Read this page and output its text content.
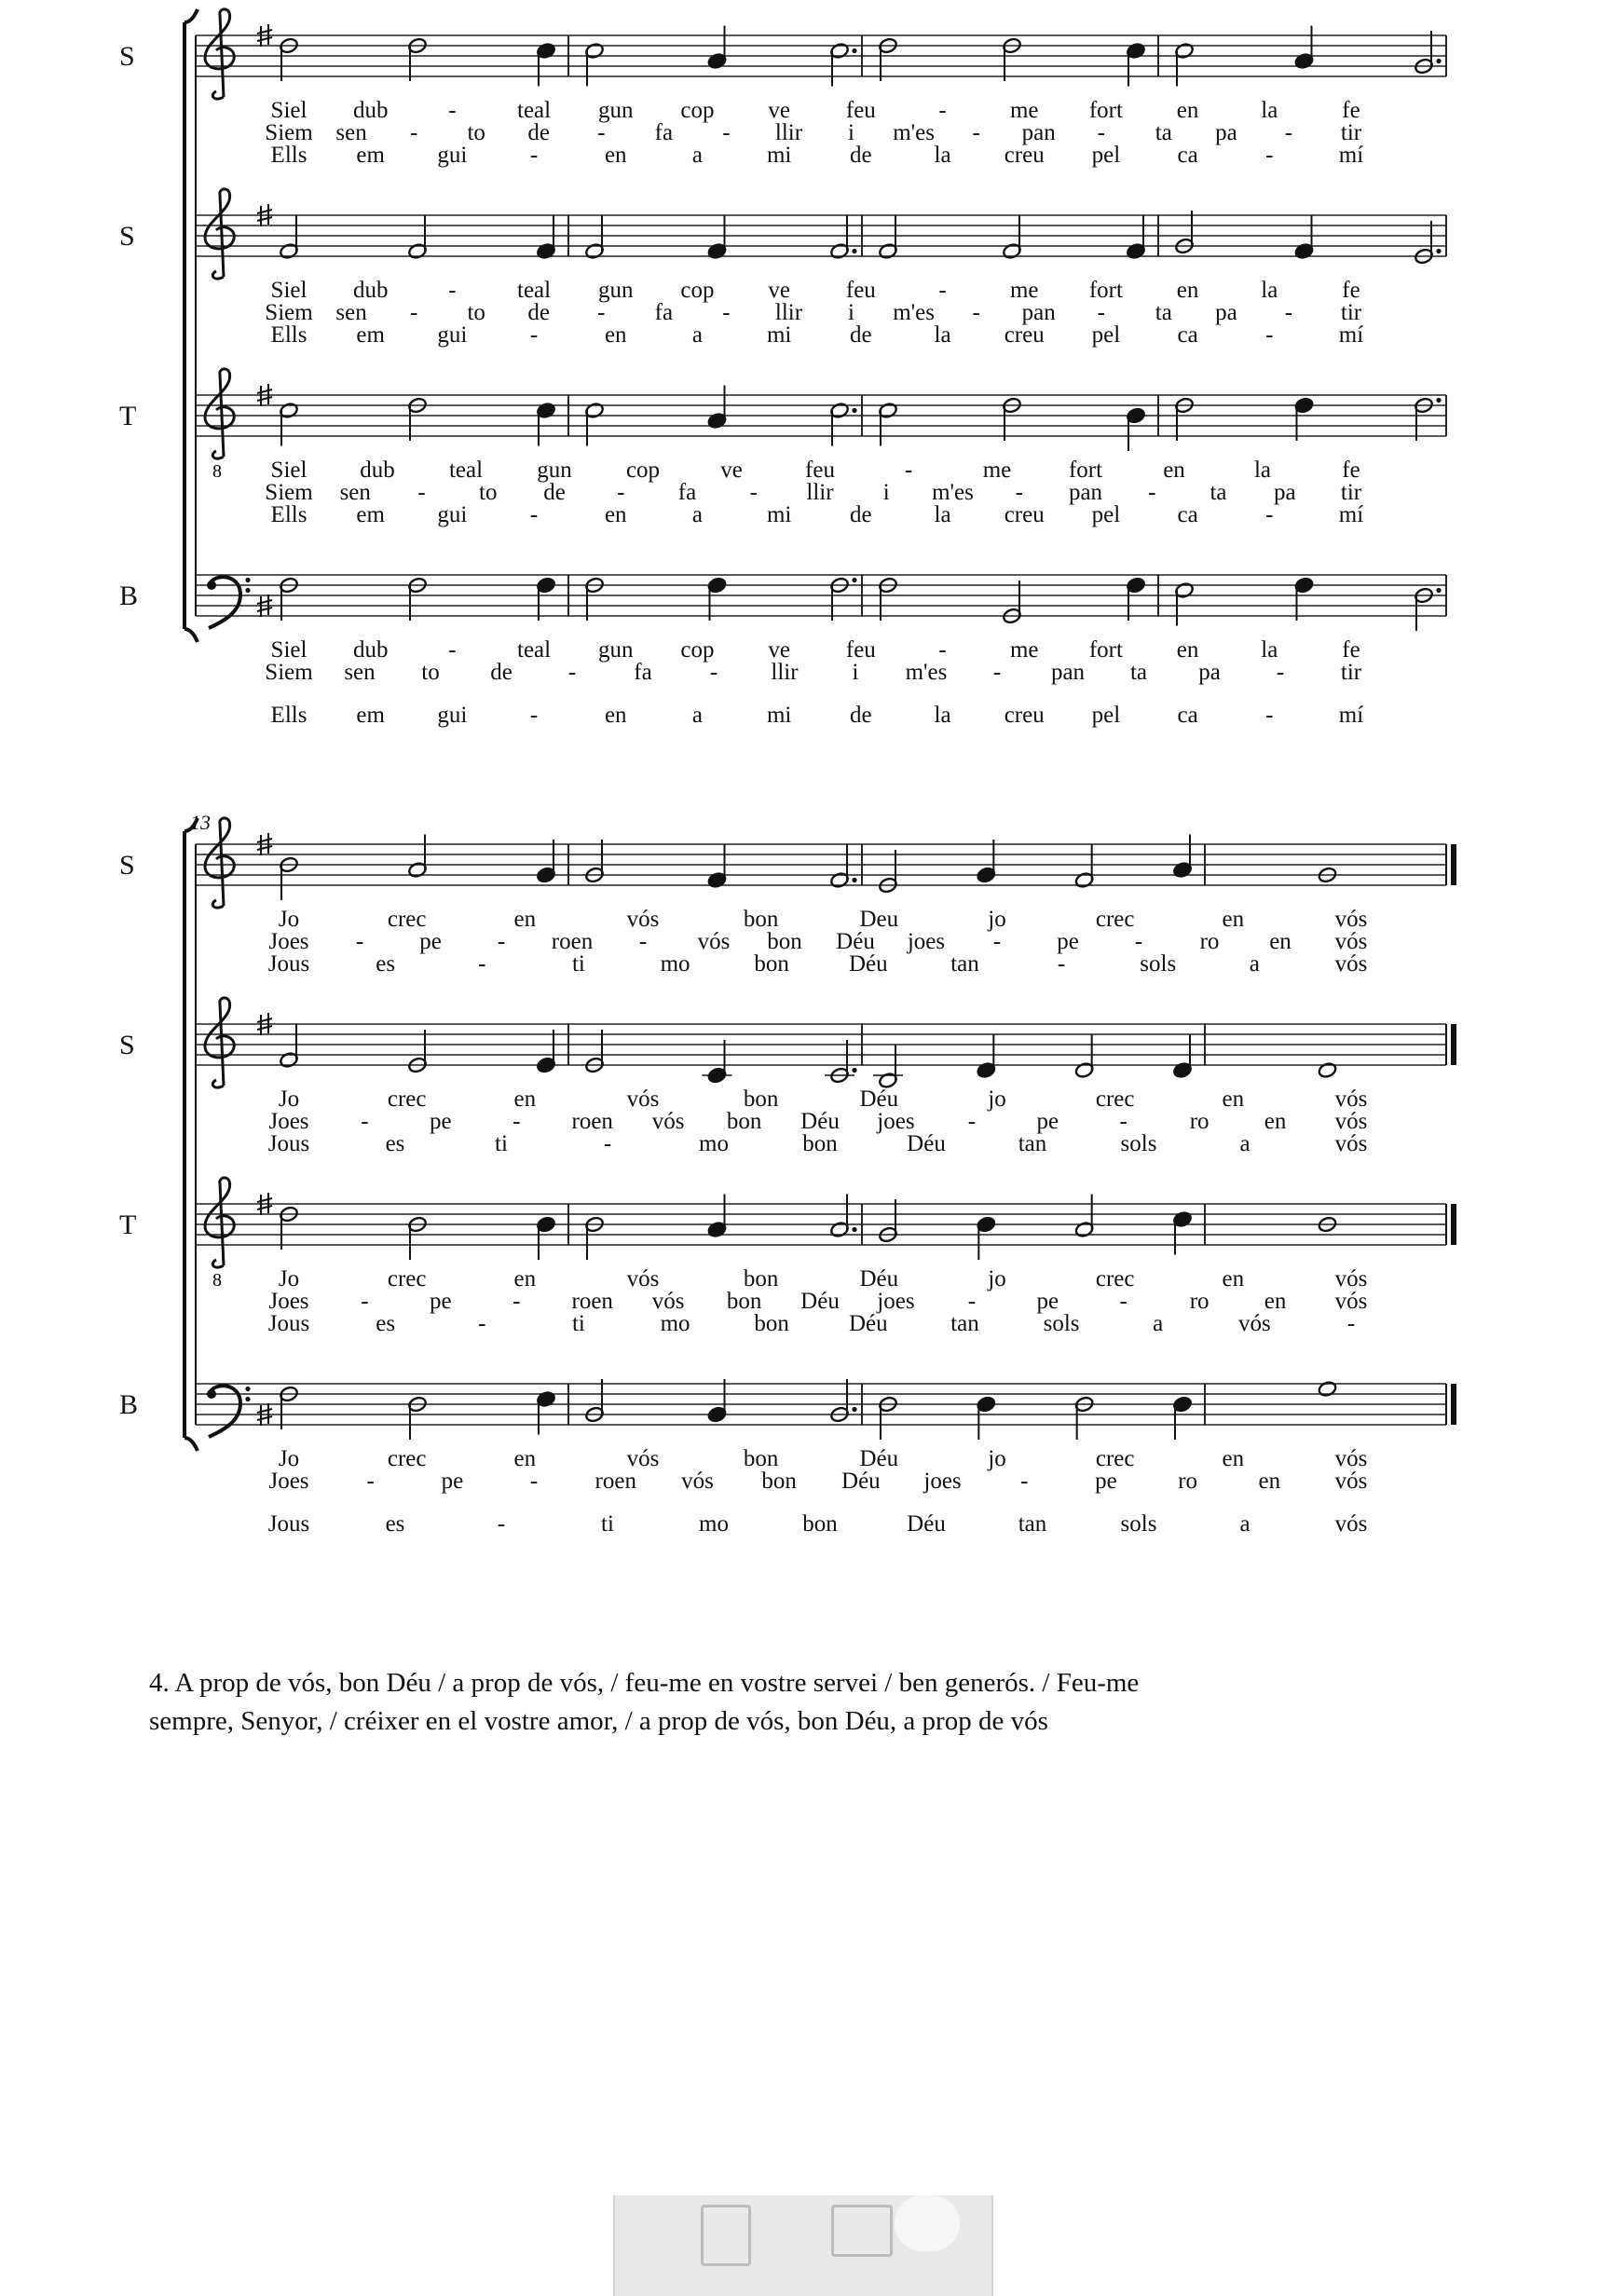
S
Siel dub	-	teal gun cop ve feu	-	me fort en	la	fe
Siem sen - to de - fa - llir i m'es - pan - ta pa - tir
Ells em gui	-	en	a	mi	de	la creu pel ca	-	mí
S
Siel dub	-	teal gun cop ve feu	-	me fort en	la	fe
Siem sen - to de - fa - llir i m'es - pan - ta pa - tir
Ells em gui	-	en	a	mi	de	la creu pel ca	-	mí
T
8 Siel dub teal gun cop	ve	feu	-	me fort	en	la	fe
Siem sen - to de - fa - llir i m'es - pan - ta pa tir
Ells em gui	-	en	a	mi	de	la creu pel ca	-	mí
B
Siel dub	-	teal gun cop ve feu	-	me fort en	la	fe
Siem sen to de - fa - llir i m'es - pan ta pa - tir
Ells em gui	-	en	a	mi	de	la creu pel ca	-	mí
13
S
Jo	crec	en	vós	bon	Deu	jo	crec	en	vós
Joes - pe - roen - vós bon Déu joes - pe - ro en vós
Jous	es	-	ti	mo	bon	Déu	tan	-	sols	a	vós
S
Jo	crec	en	vós	bon	Déu	jo	crec	en	vós
Joes -	pe	- roen vós bon Déu joes -	pe	-	ro en vós
Jous	es	ti	-	mo	bon	Déu	tan	sols	a	vós
T
8 Jo	crec	en	vós	bon	Déu	jo	crec	en	vós
Joes -	pe	- roen vós bon Déu joes -	pe	-	ro en vós
Jous	es	-	ti	mo	bon	Déu	tan	sols	a	vós	-
B
Jo	crec	en	vós	bon	Déu	jo	crec	en	vós
Joes -	pe	- roen vós bon Déu joes	-	pe	ro	en vós
Jous	es	-	ti	mo	bon	Déu	tan	sols	a	vós
4. A prop de vós, bon Déu / a prop de vós, / feu-me en vostre servei / ben generós. / Feu-me
sempre, Senyor, / créixer en el vostre amor, / a prop de vós, bon Déu, a prop de vós
